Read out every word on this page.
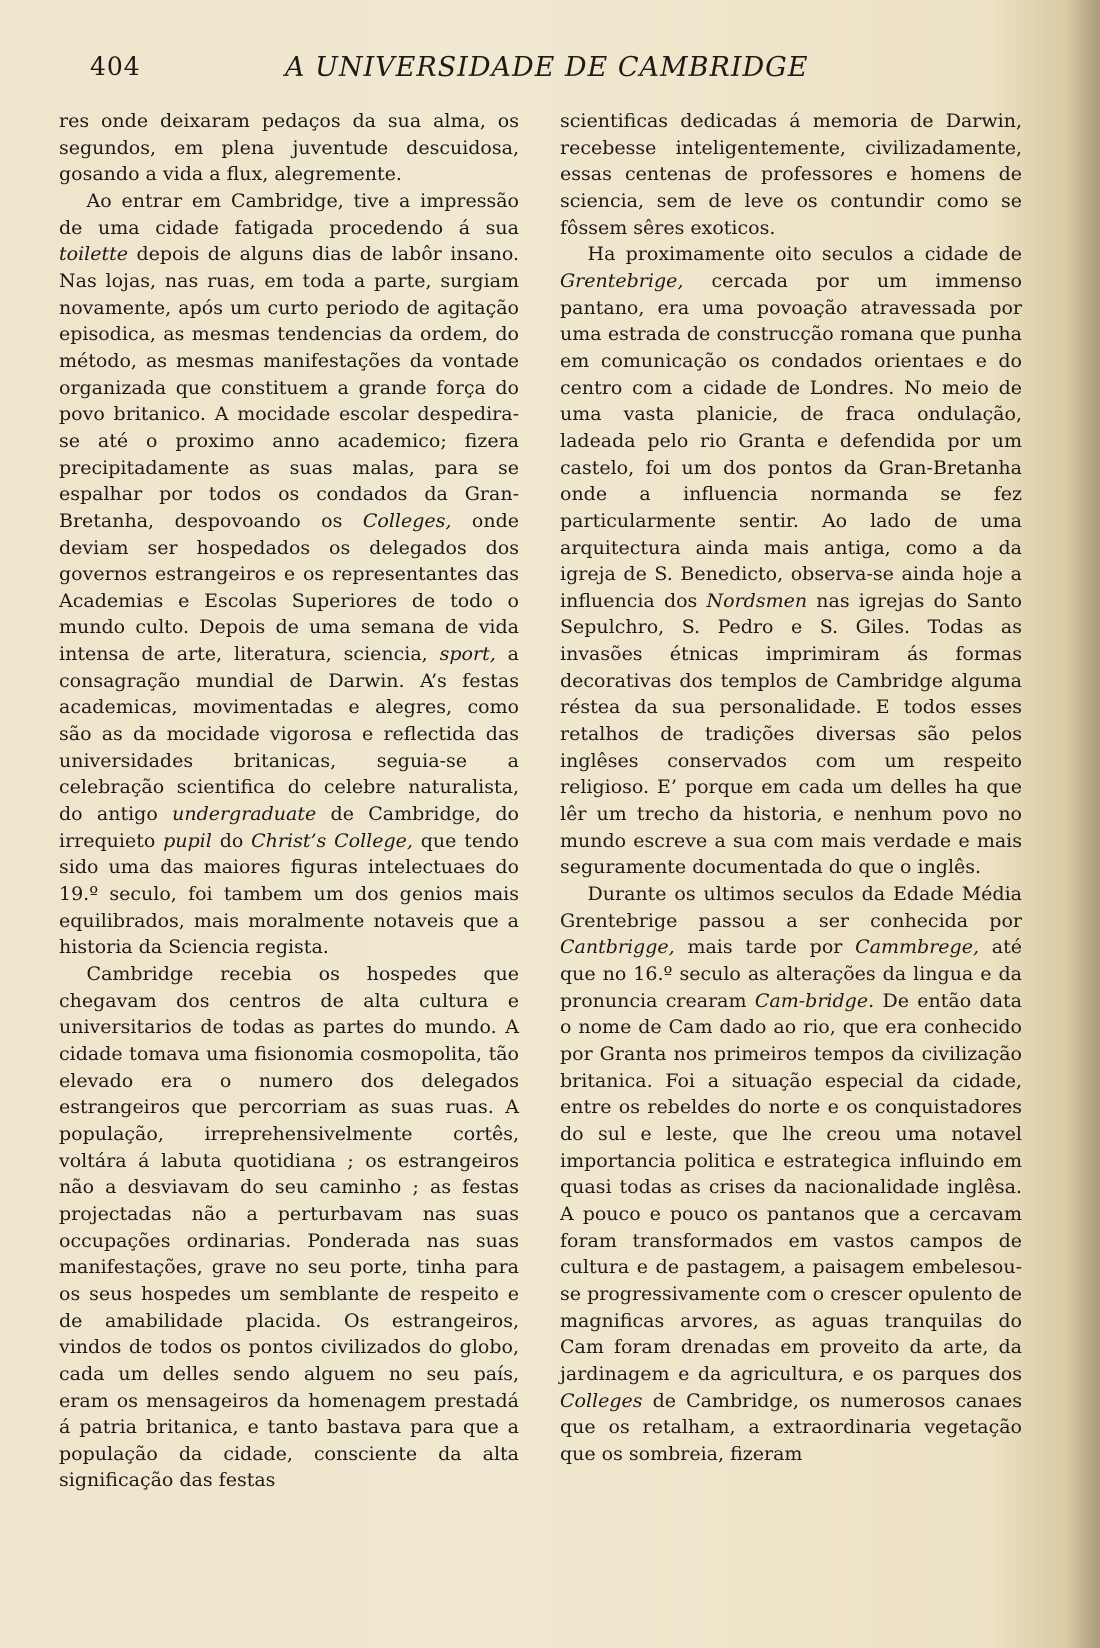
404	A UNIVERSIDADE DE CAMBRIDGE

res onde deixaram pedaços da sua alma, os segundos, em plena juventude descuidosa, gosando a vida a flux, alegremente.

Ao entrar em Cambridge, tive a impressão de uma cidade fatigada procedendo á sua toilette depois de alguns dias de labôr insano. Nas lojas, nas ruas, em toda a parte, surgiam novamente, após um curto periodo de agitação episodica, as mesmas tendencias da ordem, do método, as mesmas manifestações da vontade organizada que constituem a grande força do povo britanico. A mocidade escolar despedira-se até o proximo anno academico; fizera precipitadamente as suas malas, para se espalhar por todos os condados da Gran-Bretanha, despovoando os Colleges, onde deviam ser hospedados os delegados dos governos estrangeiros e os representantes das Academias e Escolas Superiores de todo o mundo culto. Depois de uma semana de vida intensa de arte, literatura, sciencia, sport, a consagração mundial de Darwin. A’s festas academicas, movimentadas e alegres, como são as da mocidade vigorosa e reflectida das universidades britanicas, seguia-se a celebração scientifica do celebre naturalista, do antigo undergraduate de Cambridge, do irrequieto pupil do Christ’s College, que tendo sido uma das maiores figuras intelectuaes do 19.º seculo, foi tambem um dos genios mais equilibrados, mais moralmente notaveis que a historia da Sciencia regista.

Cambridge recebia os hospedes que chegavam dos centros de alta cultura e universitarios de todas as partes do mundo. A cidade tomava uma fisionomia cosmopolita, tão elevado era o numero dos delegados estrangeiros que percorriam as suas ruas. A população, irreprehensivelmente cortês, voltára á labuta quotidiana ; os estrangeiros não a desviavam do seu caminho ; as festas projectadas não a perturbavam nas suas occupações ordinarias. Ponderada nas suas manifestações, grave no seu porte, tinha para os seus hospedes um semblante de respeito e de amabilidade placida. Os estrangeiros, vindos de todos os pontos civilizados do globo, cada um delles sendo alguem no seu país, eram os mensageiros da homenagem prestadá á patria britanica, e tanto bastava para que a população da cidade, consciente da alta significação das festas

scientificas dedicadas á memoria de Darwin, recebesse inteligentemente, civilizadamente, essas centenas de professores e homens de sciencia, sem de leve os contundir como se fôssem sêres exoticos.

Ha proximamente oito seculos a cidade de Grentebrige, cercada por um immenso pantano, era uma povoação atravessada por uma estrada de construcção romana que punha em comunicação os condados orientaes e do centro com a cidade de Londres. No meio de uma vasta planicie, de fraca ondulação, ladeada pelo rio Granta e defendida por um castelo, foi um dos pontos da Gran-Bretanha onde a influencia normanda se fez particularmente sentir. Ao lado de uma arquitectura ainda mais antiga, como a da igreja de S. Benedicto, observa-se ainda hoje a influencia dos Nordsmen nas igrejas do Santo Sepulchro, S. Pedro e S. Giles. Todas as invasões étnicas imprimiram ás formas decorativas dos templos de Cambridge alguma réstea da sua personalidade. E todos esses retalhos de tradições diversas são pelos inglêses conservados com um respeito religioso. E’ porque em cada um delles ha que lêr um trecho da historia, e nenhum povo no mundo escreve a sua com mais verdade e mais seguramente documentada do que o inglês.

Durante os ultimos seculos da Edade Média Grentebrige passou a ser conhecida por Cantbrigge, mais tarde por Cammbrege, até que no 16.º seculo as alterações da lingua e da pronuncia crearam Cam-bridge. De então data o nome de Cam dado ao rio, que era conhecido por Granta nos primeiros tempos da civilização britanica. Foi a situação especial da cidade, entre os rebeldes do norte e os conquistadores do sul e leste, que lhe creou uma notavel importancia politica e estrategica influindo em quasi todas as crises da nacionalidade inglêsa. A pouco e pouco os pantanos que a cercavam foram transformados em vastos campos de cultura e de pastagem, a paisagem embelesou-se progressivamente com o crescer opulento de magnificas arvores, as aguas tranquilas do Cam foram drenadas em proveito da arte, da jardinagem e da agricultura, e os parques dos Colleges de Cambridge, os numerosos canaes que os retalham, a extraordinaria vegetação que os sombreia, fizeram
